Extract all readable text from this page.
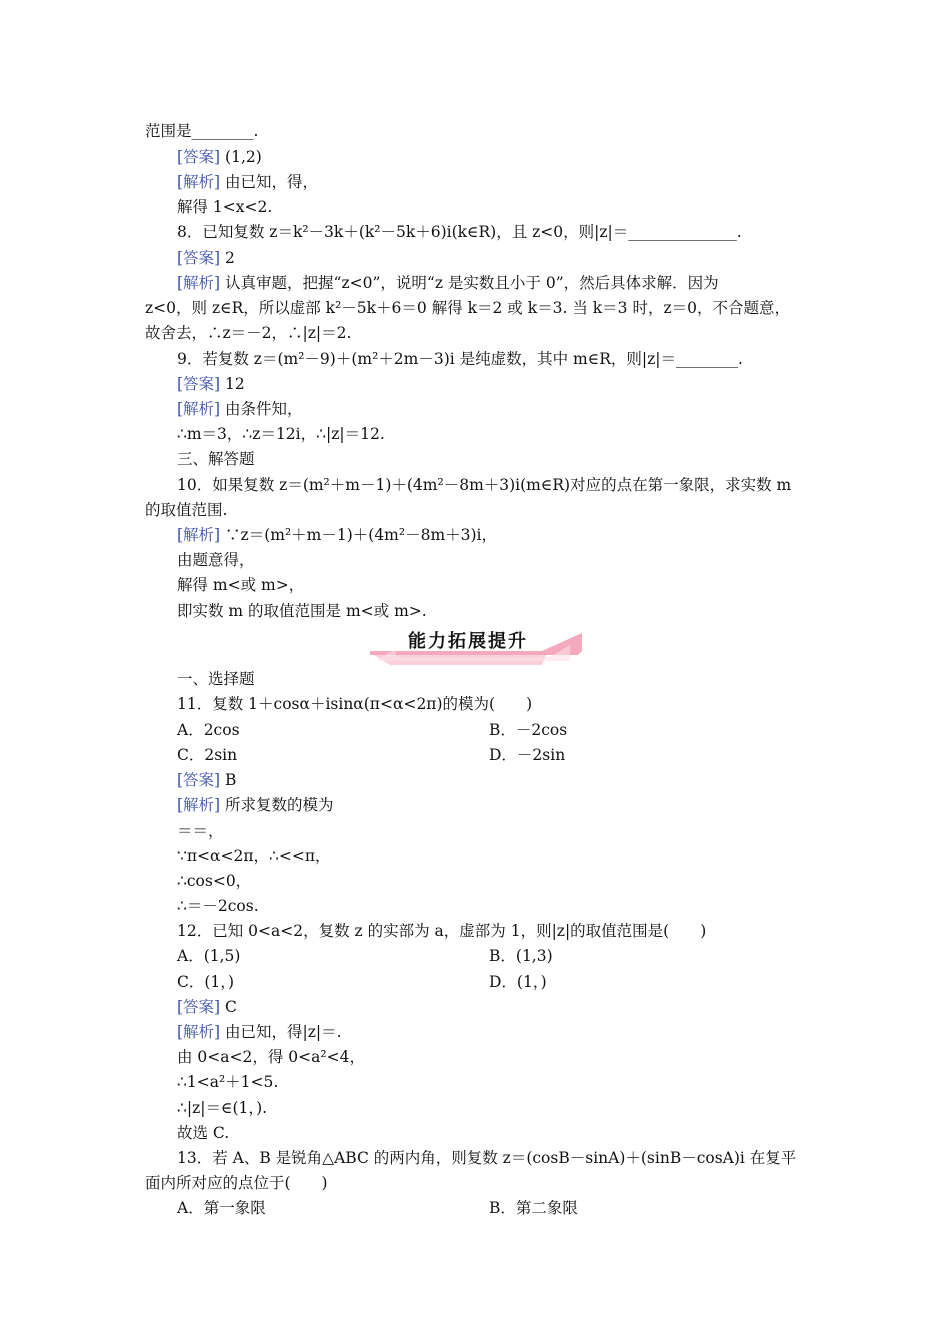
范围是________.
[答案] (1,2)
[解析] 由已知，得，
解得 1<x<2.
8．已知复数 z＝k²－3k＋(k²－5k＋6)i(k∈R)，且 z<0，则|z|＝______________.
[答案] 2
[解析] 认真审题，把握“z<0”，说明“z 是实数且小于 0”，然后具体求解．因为
z<0，则 z∈R，所以虚部 k²－5k＋6＝0 解得 k＝2 或 k＝3. 当 k＝3 时，z＝0，不合题意，
故舍去，∴z＝－2，∴|z|＝2.
9．若复数 z＝(m²－9)＋(m²＋2m－3)i 是纯虚数，其中 m∈R，则|z|＝________.
[答案] 12
[解析] 由条件知，
∴m＝3，∴z＝12i，∴|z|＝12.
三、解答题
10．如果复数 z＝(m²＋m－1)＋(4m²－8m＋3)i(m∈R)对应的点在第一象限，求实数 m
的取值范围.
[解析] ∵z＝(m²＋m－1)＋(4m²－8m＋3)i，
由题意得，
解得 m<或 m>，
即实数 m 的取值范围是 m<或 m>.
能力拓展提升
一、选择题
11．复数 1＋cosα＋isinα(π<α<2π)的模为(　　)
A．2cos	B．－2cos
C．2sin	D．－2sin
[答案] B
[解析] 所求复数的模为
＝＝，
∵π<α<2π，∴<<π，
∴cos<0，
∴＝－2cos.
12．已知 0<a<2，复数 z 的实部为 a，虚部为 1，则|z|的取值范围是(　　)
A．(1,5)	B．(1,3)
C．(1，)	D．(1，)
[答案] C
[解析] 由已知，得|z|＝.
由 0<a<2，得 0<a²<4，
∴1<a²＋1<5.
∴|z|＝∈(1，).
故选 C.
13．若 A、B 是锐角△ABC 的两内角，则复数 z＝(cosB－sinA)＋(sinB－cosA)i 在复平
面内所对应的点位于(　　)
A．第一象限	B．第二象限
